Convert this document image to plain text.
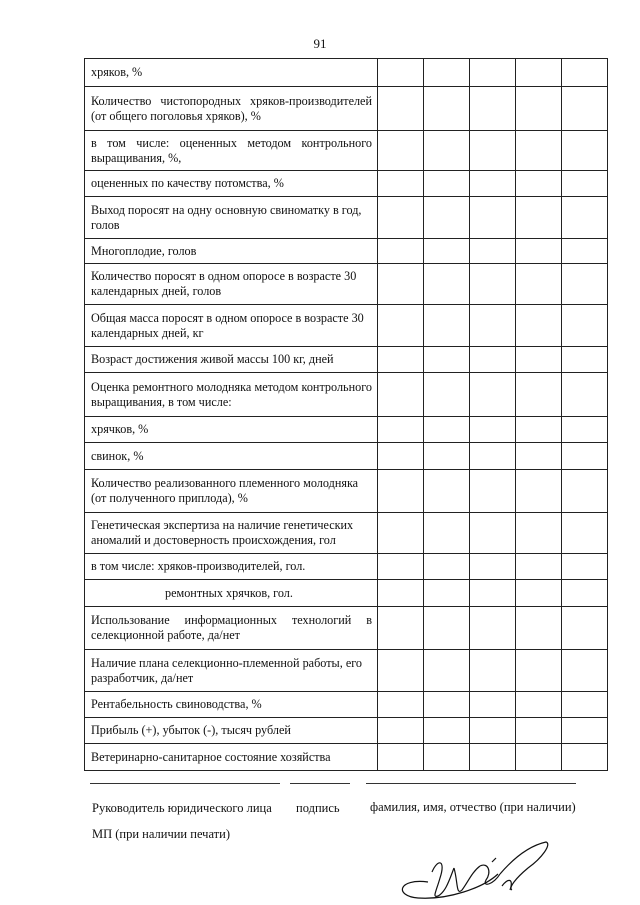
91
хряков, %					
Количество чистопородных хряков-производителей (от общего поголовья хряков), %					
в том числе: оцененных методом контрольного выращивания, %,					
оцененных по качеству потомства, %					
Выход поросят на одну основную свиноматку в год, голов					
Многоплодие, голов					
Количество поросят в одном опоросе в возрасте 30 календарных дней, голов					
Общая масса поросят в одном опоросе в возрасте 30 календарных дней, кг					
Возраст достижения живой массы 100 кг, дней					
Оценка ремонтного молодняка методом контрольного выращивания, в том числе:					
хрячков, %					
свинок, %					
Количество реализованного племенного молодняка (от полученного приплода), %					
Генетическая экспертиза на наличие генетических аномалий и достоверность происхождения, гол					
в том числе: хряков-производителей, гол.					
ремонтных хрячков, гол.					
Использование информационных технологий в селекционной работе, да/нет					
Наличие плана селекционно-племенной работы, его разработчик, да/нет					
Рентабельность свиноводства, %					
Прибыль (+), убыток (-), тысяч рублей					
Ветеринарно-санитарное состояние хозяйства					
Руководитель юридического лица подпись фамилия, имя, отчество (при наличии)
МП (при наличии печати)
